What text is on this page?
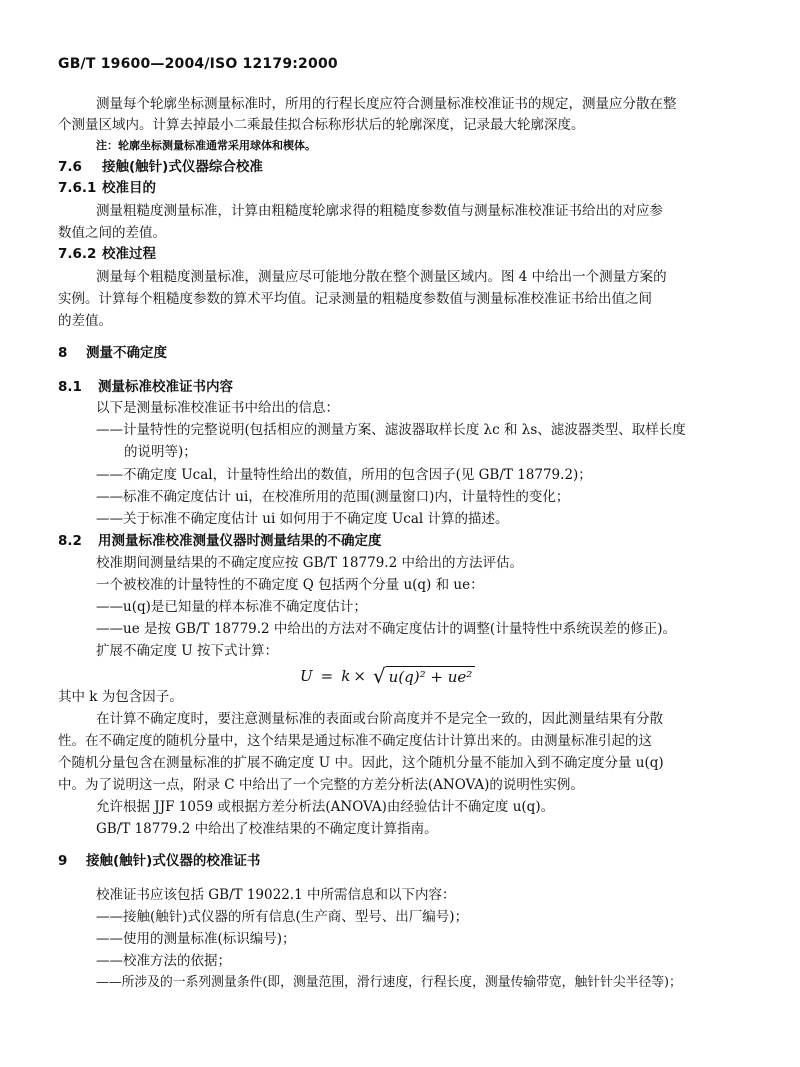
GB/T 19600—2004/ISO 12179:2000
测量每个轮廓坐标测量标准时，所用的行程长度应符合测量标准校准证书的规定，测量应分散在整
个测量区域内。计算去掉最小二乘最佳拟合标称形状后的轮廓深度，记录最大轮廓深度。
注：轮廓坐标测量标准通常采用球体和楔体。
7.6 接触(触针)式仪器综合校准
7.6.1 校准目的
测量粗糙度测量标准，计算由粗糙度轮廓求得的粗糙度参数值与测量标准校准证书给出的对应参
数值之间的差值。
7.6.2 校准过程
测量每个粗糙度测量标准，测量应尽可能地分散在整个测量区域内。图 4 中给出一个测量方案的
实例。计算每个粗糙度参数的算术平均值。记录测量的粗糙度参数值与测量标准校准证书给出值之间
的差值。
8 测量不确定度
8.1 测量标准校准证书内容
以下是测量标准校准证书中给出的信息：
——计量特性的完整说明(包括相应的测量方案、滤波器取样长度 λc 和 λs、滤波器类型、取样长度
的说明等)；
——不确定度 Ucal，计量特性给出的数值，所用的包含因子(见 GB/T 18779.2)；
——标准不确定度估计 ui，在校准所用的范围(测量窗口)内，计量特性的变化；
——关于标准不确定度估计 ui 如何用于不确定度 Ucal 计算的描述。
8.2 用测量标准校准测量仪器时测量结果的不确定度
校准期间测量结果的不确定度应按 GB/T 18779.2 中给出的方法评估。
一个被校准的计量特性的不确定度 Q 包括两个分量 u(q) 和 ue：
——u(q)是已知量的样本标准不确定度估计；
——ue 是按 GB/T 18779.2 中给出的方法对不确定度估计的调整(计量特性中系统误差的修正)。
扩展不确定度 U 按下式计算：
U = k × √ u(q)² + ue²
其中 k 为包含因子。
在计算不确定度时，要注意测量标准的表面或台阶高度并不是完全一致的，因此测量结果有分散
性。在不确定度的随机分量中，这个结果是通过标准不确定度估计计算出来的。由测量标准引起的这
个随机分量包含在测量标准的扩展不确定度 U 中。因此，这个随机分量不能加入到不确定度分量 u(q)
中。为了说明这一点，附录 C 中给出了一个完整的方差分析法(ANOVA)的说明性实例。
允许根据 JJF 1059 或根据方差分析法(ANOVA)由经验估计不确定度 u(q)。
GB/T 18779.2 中给出了校准结果的不确定度计算指南。
9 接触(触针)式仪器的校准证书
校准证书应该包括 GB/T 19022.1 中所需信息和以下内容：
——接触(触针)式仪器的所有信息(生产商、型号、出厂编号)；
——使用的测量标准(标识编号)；
——校准方法的依据；
——所涉及的一系列测量条件(即，测量范围，滑行速度，行程长度，测量传输带宽，触针针尖半径等)；
